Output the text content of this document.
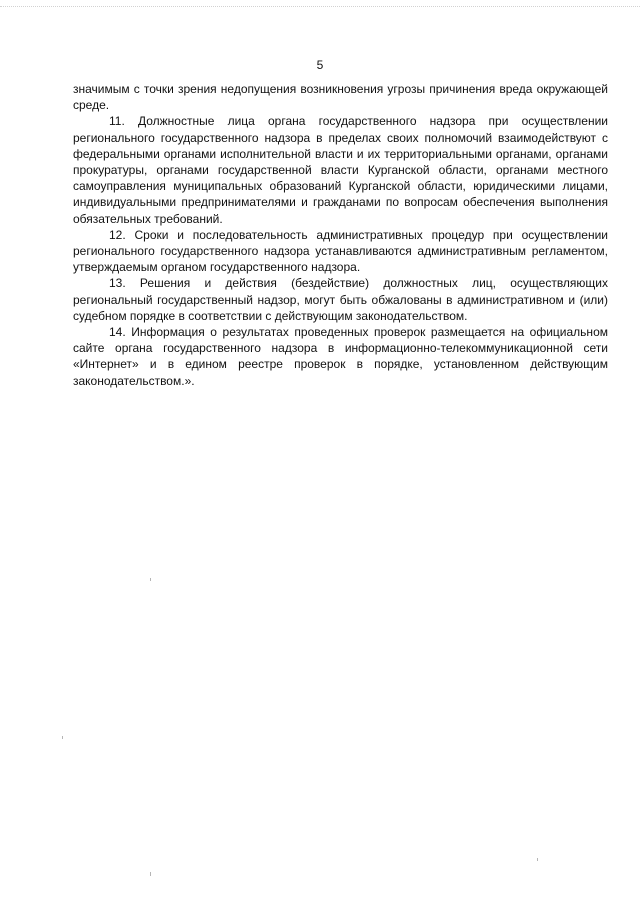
5

значимым с точки зрения недопущения возникновения угрозы причинения вреда окружающей среде.

11. Должностные лица органа государственного надзора при осуществлении регионального государственного надзора в пределах своих полномочий взаимодействуют с федеральными органами исполнительной власти и их территориальными органами, органами прокуратуры, органами государственной власти Курганской области, органами местного самоуправления муниципальных образований Курганской области, юридическими лицами, индивидуальными предпринимателями и гражданами по вопросам обеспечения выполнения обязательных требований.

12. Сроки и последовательность административных процедур при осуществлении регионального государственного надзора устанавливаются административным регламентом, утверждаемым органом государственного надзора.

13. Решения и действия (бездействие) должностных лиц, осуществляющих региональный государственный надзор, могут быть обжалованы в административном и (или) судебном порядке в соответствии с действующим законодательством.

14. Информация о результатах проведенных проверок размещается на официальном сайте органа государственного надзора в информационно-телекоммуникационной сети «Интернет» и в едином реестре проверок в порядке, установленном действующим законодательством.».
